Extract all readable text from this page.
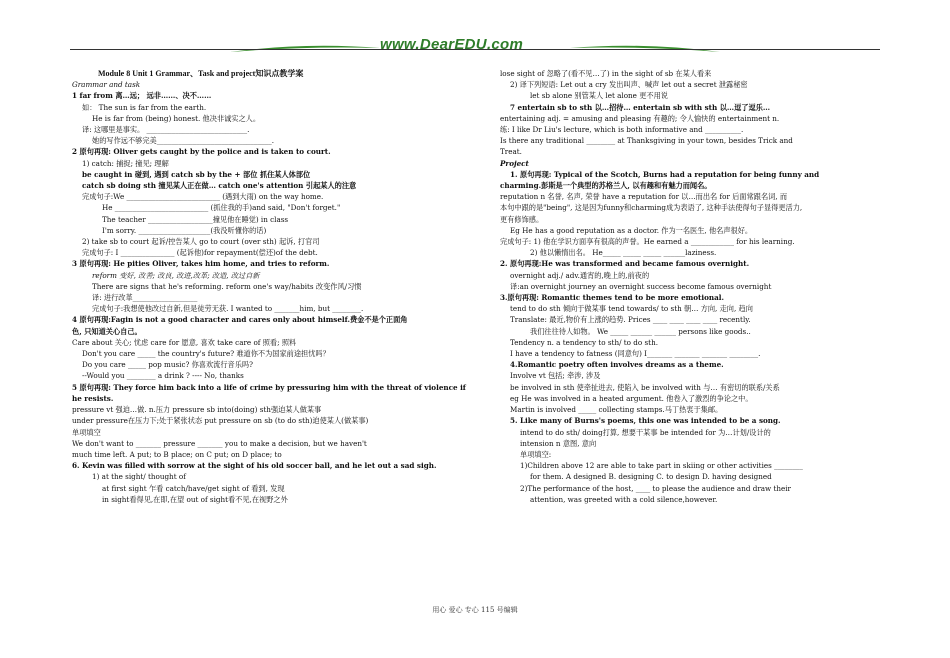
www.DearEDU.com
Module 8 Unit 1 Grammar、Task and project知识点教学案
Grammar and task
1 far from 离…远； 远非……、决不……
如： The sun is far from the earth.
He is far from (being) honest. 他决非诚实之人。
译: 这哪里是事实。 ____________________________.
她的写作远不够完美________________________________.
2 原句再现: Oliver gets caught by the police and is taken to court.
1) catch: 捕捉; 撞见; 理解
be caught in 碰到, 遇到 catch sb by the + 部位 抓住某人体部位
catch sb doing sth 撞见某人正在做… catch one's attention 引起某人的注意
完成句子:We __________________________ (遇到大雨) on the way home.
He __________________________ (抓住我的手)and said, "Don't forget."
The teacher __________________撞见他在睡觉) in class
I'm sorry. ____________________(我没听懂你的话)
2) take sb to court 起诉/控告某人 go to court (over sth) 起诉, 打官司
完成句子: I _______________ (起诉他)for repayment(偿还)of the debt.
3 原句再现: He pities Oliver, takes him home, and tries to reform.
reform 变好, 改善; 改良, 改进,改革; 改造, 改过自新
There are signs that he's reforming. reform one's way/habits 改变作风/习惯
译: 进行改革__________________
完成句子:我想使他改过自新,但是徒劳无获. I wanted to _______him, but ________.
4 原句再现:Fagin is not a good character and cares only about himself.费金不是个正面角
色, 只知道关心自己。
Care about 关心; 忧虑 care for 愿意, 喜欢 take care of 照看; 照料
Don't you care _____ the country's future? 难道你不为国家前途担忧吗？
Do you care _____ pop music? 你喜欢流行音乐吗?
--Would you ________ a drink ? ---- No, thanks
5 原句再现: They force him back into a life of crime by pressuring him with the threat of violence if
he resists.
pressure vt 强迫…做. n.压力 pressure sb into(doing) sth强迫某人做某事
under pressure在压力下;处于紧张状态 put pressure on sb (to do sth)迫使某人(做某事)
单项填空
We don't want to _______ pressure _______ you to make a decision, but we haven't
much time left. A put; to B place; on C put; on D place; to
6. Kevin was filled with sorrow at the sight of his old soccer ball, and he let out a sad sigh.
1) at the sight/ thought of
at first sight 乍看 catch/have/get sight of 看到, 发现
in sight看得见,在即,在望 out of sight看不见,在视野之外
lose sight of 忽略了(看不见…了) in the sight of sb 在某人看来
2) 译下列短语: Let out a cry 发出叫声、喊声 let out a secret 泄露秘密
let sb alone 别管某人 let alone 更不用说
7 entertain sb to sth 以…招待… entertain sb with sth 以…逗了逗乐…
entertaining adj. = amusing and pleasing 有趣的; 令人愉快的 entertainment n.
练: I like Dr Liu's lecture, which is both informative and __________.
Is there any traditional ________ at Thanksgiving in your town, besides Trick and
Treat.
Project
1. 原句再现: Typical of the Scotch, Burns had a reputation for being funny and
charming.彭斯是一个典型的苏格兰人, 以有趣和有魅力而闻名。
reputation n 名誉, 名声, 荣誉 have a reputation for 以…而出名 for 后面常跟名词, 而
本句中跟的是"being", 这是因为funny和charming成为表语了, 这种手法使得句子显得更活力,
更有修饰感。
Eg He has a good reputation as a doctor. 作为一名医生, 他名声很好。
完成句子: 1) 他在学识方面享有很高的声誉。He earned a ____________ for his learning.
2) 他以懒惰出名。 He_____ _____ _____ ______laziness.
2. 原句再现:He was transformed and became famous overnight.
overnight adj./ adv.通宵的,晚上的,前夜的
译:an overnight journey an overnight success become famous overnight
3.原句再现: Romantic themes tend to be more emotional.
tend to do sth 倾向于做某事 tend towards/ to sth 朝… 方向, 走向, 趋向
Translate: 最近,物价有上涨的趋势. Prices ____ ____ ____ ____ recently.
我们往往待人如物。 We _____ ______ ______ persons like goods..
Tendency n. a tendency to sth/ to do sth.
I have a tendency to fatness (同意句) I_______ _______ _______ ________.
4.Romantic poetry often involves dreams as a theme.
Involve vt 包括; 牵涉, 涉及
be involved in sth 使牵扯进去, 使陷入 be involved with 与… 有密切的联系/关系
eg He was involved in a heated argument. 他卷入了激烈的争论之中。
Martin is involved _____ collecting stamps.马丁热衷于集邮。
5. Like many of Burns's poems, this one was intended to be a song.
intend to do sth/ doing打算, 想要干某事 be intended for 为…计划/设计的
intension n 意图, 意向
单项填空:
1)Children above 12 are able to take part in skiing or other activities ________
for them. A designed B. designing C. to design D. having designed
2)The performance of the host, ____ to please the audience and draw their
attention, was greeted with a cold silence,however.
用心 爱心 专心 115 号编辑
